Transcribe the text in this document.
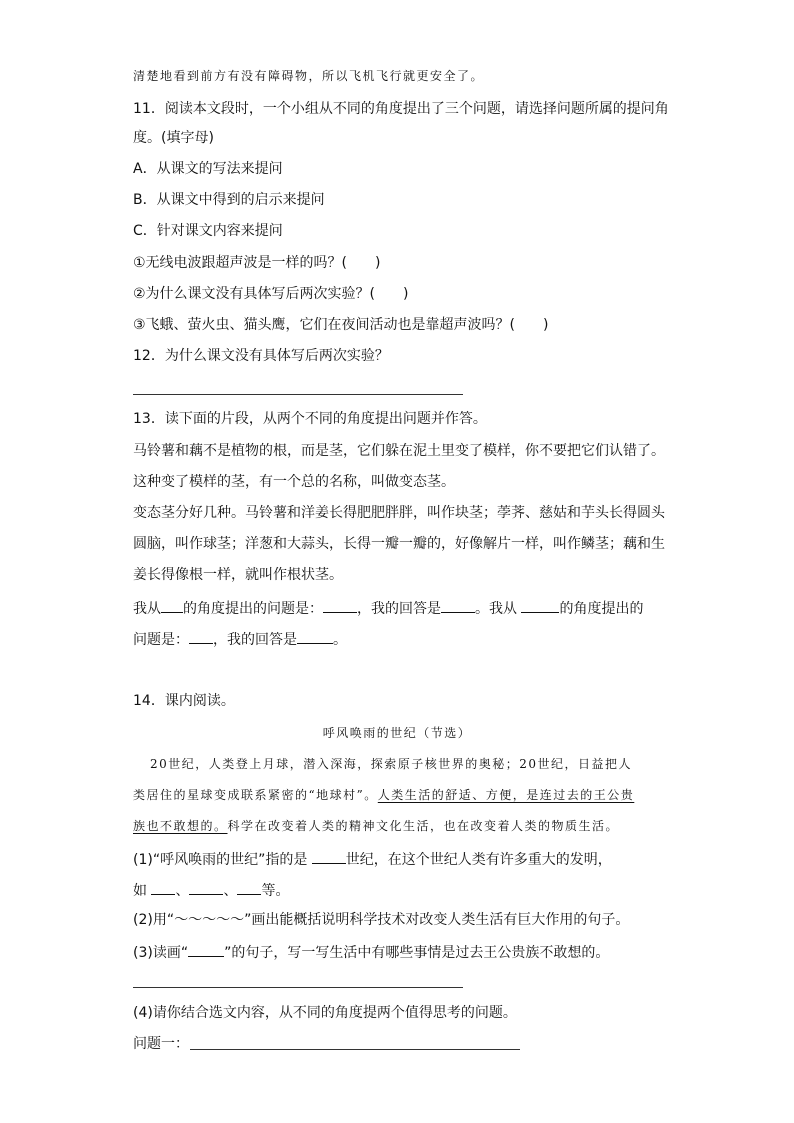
清楚地看到前方有没有障碍物，所以飞机飞行就更安全了。
11．阅读本文段时，一个小组从不同的角度提出了三个问题，请选择问题所属的提问角
度。(填字母)
A．从课文的写法来提问
B．从课文中得到的启示来提问
C．针对课文内容来提问
①无线电波跟超声波是一样的吗？(　　)
②为什么课文没有具体写后两次实验？(　　)
③飞蛾、萤火虫、猫头鹰，它们在夜间活动也是靠超声波吗？(　　)
12．为什么课文没有具体写后两次实验？
13．读下面的片段，从两个不同的角度提出问题并作答。
马铃薯和藕不是植物的根，而是茎，它们躲在泥土里变了模样，你不要把它们认错了。
这种变了模样的茎，有一个总的名称，叫做变态茎。
变态茎分好几种。马铃薯和洋姜长得肥肥胖胖，叫作块茎；荸荠、慈姑和芋头长得圆头
圆脑，叫作球茎；洋葱和大蒜头，长得一瓣一瓣的，好像解片一样，叫作鳞茎；藕和生
姜长得像根一样，就叫作根状茎。
我从 的角度提出的问题是： ，我的回答是 。我从	的角度提出的
问题是： ，我的回答是	。
14．课内阅读。
呼风唤雨的世纪（节选）
20世纪，人类登上月球，潜入深海，探索原子核世界的奥秘；20世纪，日益把人
类居住的星球变成联系紧密的“地球村”。人类生活的舒适、方便，是连过去的王公贵
族也不敢想的。科学在改变着人类的精神文化生活，也在改变着人类的物质生活。
(1)“呼风唤雨的世纪”指的是 世纪，在这个世纪人类有许多重大的发明，
如 、 、 等。
(2)用“～～～～～”画出能概括说明科学技术对改变人类生活有巨大作用的句子。
(3)读画“	”的句子，写一写生活中有哪些事情是过去王公贵族不敢想的。
(4)请你结合选文内容，从不同的角度提两个值得思考的问题。
问题一：
